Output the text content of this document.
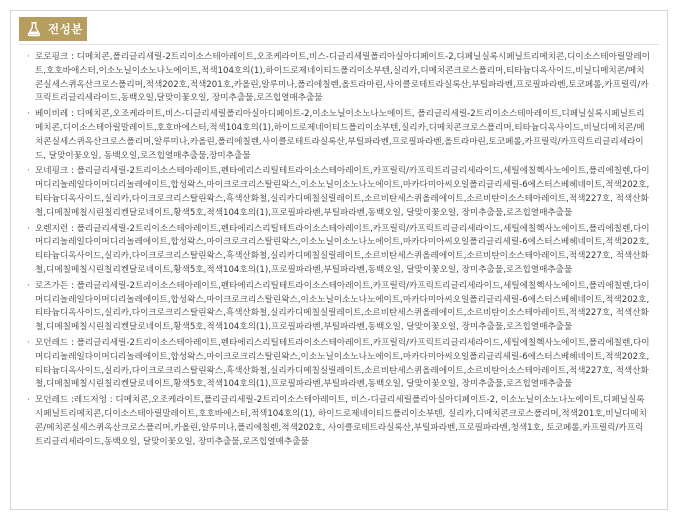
전성분
· 로로핑크 : 디메치콘,폴리글리세릴-2트리이소스테아레이트,오조케라이트,비스-디글리세릴폴리아실아디페이트-2,디페닐실록시페닐트리메치콘,디이소스테아릴말레이트,호호바에스터,이소노닐이소노나노에이트,적색104호의(1),하이드로제네이티드폴리이소부텐,실리카,디메치콘크로스폴리머,티타늄디옥사이드,비닐디메치콘/메치콘실세스퀴옥산크로스폴리머,적색202호,적색201호,카올린,알루미나,폴리에칠렌,올트라마린,사이클로테트라실록산,부틸파라벤,프로필파라벤,토코페롤,카프릴릭/카프릭트리글리세라이드,동백오일,달맞이꽃오일, 장미추출물,로즈힙열매추출물
· 베이비레 : 디메치콘,오조케라이트,비스-디글리세릴폴리아실아디페이트-2,이소노닐이소노나노에이트, 폴리글리세릴-2트리이소스테아레이트,디페닐실록시페닐트리메치콘,디이소스테아릴말레이트,호호바에스터,적색104호의(1),하이드로제네이티드폴리이소부텐,실리카,디메치콘크로스폴리머,티타늄디옥사이드,비닐디메치콘/메치콘실세스퀴옥산크로스폴리머,알루미나,카올린,폴리에칠렌,사이클로테트라실록산,부틸파라벤,프로필파라벤,올트라마린,토코페롤,카프릴릭/카프릭트리글리세라이드, 달맞이꽃오일, 동백오일,로즈힙열매추출물,장미추출물
· 모네핑크 : 폴리글리세릴-2트리이소스테아레이트,펜타에리스리틸테트라이소스테아레이트,카프릴릭/카프릭트리글리세라이드,세틸에칠헥사노에이트,폴리에칠렌,다이머디리놀레일다이머디리놀레에이트,합성왁스,마이크로크리스탈린왁스,이소노닐이소노나노에이트,마카다미아씨오일폴리글리세릴-6에스터스베헤네이트,적색202호,티타늄디옥사이드,실리카,다이크로크리스탈린왁스,흑색산화철,실리카디메칠실릴레이트,소르비탄세스퀴올레에이트,소르비탄이소스테아레이트,적색227호, 적색산화철,디메칠메칠시린칠리켄달로네이트,황색5호,적색104호의(1),프로필파라벤,부틸파라벤,동백오일, 달맞이꽃오일, 장미추출물,로즈힙열매추출물
· 오렌지런 : 폴리글리세릴-2트리이소스테아레이트,펜타에리스리틸테트라이소스테아레이트,카프릴릭/카프릭트리글리세라이드,세틸에칠헥사노에이트,폴리에칠렌,다이머디리놀레일다이머디리놀레에이트,합성왁스,마이크로크리스탈린왁스,이소노닐이소노나노에이트,마카다미아씨오일폴리글리세릴-6에스터스베헤네이트,적색202호,티타늄디옥사이드,실리카,다이크로크리스탈린왁스,흑색산화철,실리카디메칠실릴레이트,소르비탄세스퀴올레에이트,소르비탄이소스테아레이트,적색227호, 적색산화철,디메칠메칠시린칠리켄달로네이트,황색5호,적색104호의(1),프로필파라벤,부틸파라벤,동백오일, 달맞이꽃오일, 장미추출물,로즈힙열매추출물
· 로즈가든 : 폴리글리세릴-2트리이소스테아레이트,펜타에리스리틸테트라이소스테아레이트,카프릴릭/카프릭트리글리세라이드,세틸에칠헥사노에이트,폴리에칠렌,다이머디리놀레일다이머디리놀레에이트,합성왁스,마이크로크리스탈린왁스,이소노닐이소노나노에이트,마카다미아씨오일폴리글리세릴-6에스터스베헤네이트,적색202호,티타늄디옥사이드,실리카,다이크로크리스탈린왁스,흑색산화철,실리카디메칠실릴레이트,소르비탄세스퀴올레에이트,소르비탄이소스테아레이트,적색227호, 적색산화철,디메칠메칠시린칠리켄달로네이트,황색5호,적색104호의(1),프로필파라벤,부틸파라벤,동백오일, 달맞이꽃오일, 장미추출물,로즈힙열매추출물
· 모던레드 : 폴리글리세릴-2트리이소스테아레이트,펜타에리스리틸테트라이소스테아레이트,카프릴릭/카프릭트리글리세라이드,세틸에칠헥사노에이트,폴리에칠렌,다이머디리놀레일다이머디리놀레에이트,합성왁스,마이크로크리스탈린왁스,이소노닐이소노나노에이트,마카다미아씨오일폴리글리세릴-6에스터스베헤네이트,적색202호,티타늄디옥사이드,실리카,다이크로크리스탈린왁스,흑색산화철,실리카디메칠실릴레이트,소르비탄세스퀴올레에이트,소르비탄이소스테아레이트,적색227호, 적색산화철,디메칠메칠시린칠리켄달로네이트,황색5호,적색104호의(1),프로필파라벤,부틸파라벤,동백오일, 달맞이꽃오일, 장미추출물,로즈힙열매추출물
· 모던레드 :레드저엉 : 디메치콘,오조케라이트,폴리글리세릴-2트리이소스테아레이트, 비스-디글리세릴폴리아실아디페이트-2, 이소노닐이소노나노에이트,디페닐실록시페닐트리메치콘,디이소스테아릴말레이트,호호바에스터,적색104호의(1), 하이드로제네이티드폴리이소부텐, 실리카,디메치콘크로스폴리머,적색201호,비닐디메치콘/메치콘실세스퀴옥산크로스폴리머,카올린,알루미나,폴리에칠렌,적색202호, 사이클로테트라실록산,부틸파라벤,프로필파라벤,청색1호, 토코페롤,카프릴릭/카프릭트리글리세라이드,동백오일, 달맞이꽃오일, 장미추출물,로즈힙열매추출물
